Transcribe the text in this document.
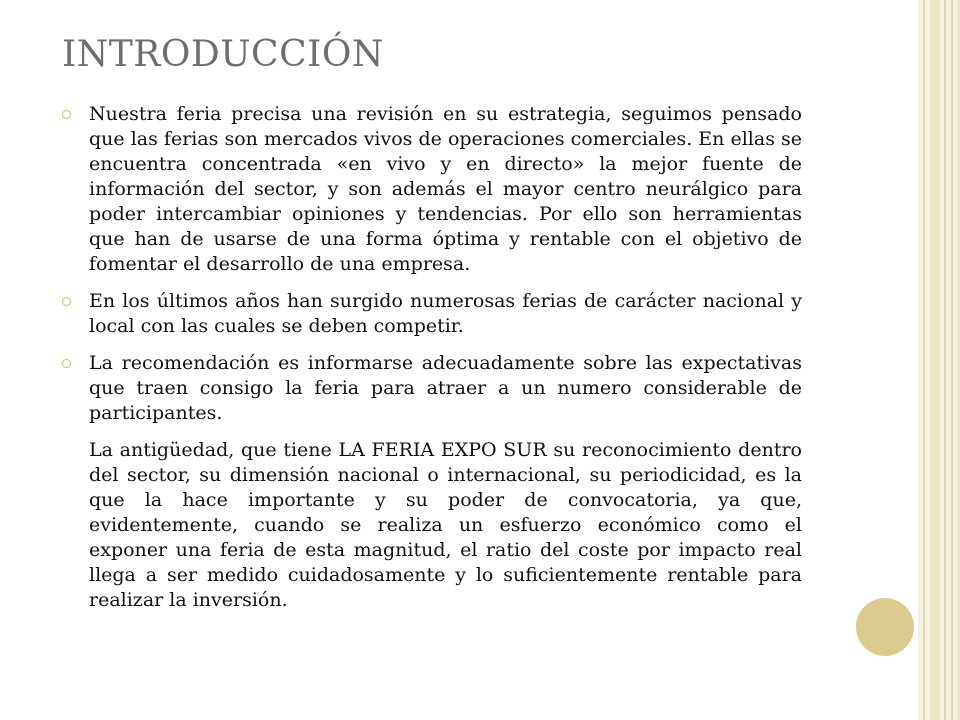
INTRODUCCIÓN

Nuestra feria precisa una revisión en su estrategia, seguimos pensado que las ferias son mercados vivos de operaciones comerciales. En ellas se encuentra concentrada «en vivo y en directo» la mejor fuente de información del sector, y son además el mayor centro neurálgico para poder intercambiar opiniones y tendencias. Por ello son herramientas que han de usarse de una forma óptima y rentable con el objetivo de fomentar el desarrollo de una empresa.

En los últimos años han surgido numerosas ferias de carácter nacional y local con las cuales se deben competir.

La recomendación es informarse adecuadamente sobre las expectativas que traen consigo la feria para atraer a un numero considerable de participantes.

La antigüedad, que tiene LA FERIA EXPO SUR su reconocimiento dentro del sector, su dimensión nacional o internacional, su periodicidad, es la que la hace importante y su poder de convocatoria, ya que, evidentemente, cuando se realiza un esfuerzo económico como el exponer una feria de esta magnitud, el ratio del coste por impacto real llega a ser medido cuidadosamente y lo suficientemente rentable para realizar la inversión.
